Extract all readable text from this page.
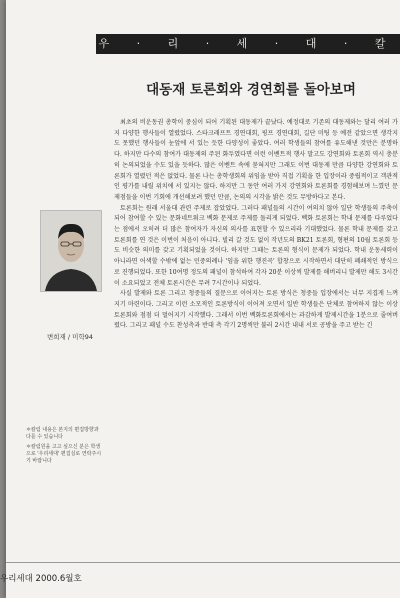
우 · 리 · 세 · 대 · 칼 · 럼
대동재 토론회와 경연회를 돌아보며
변희재 / 미학94
＊칼럼 내용은 본지의 편집방향과 다를 수 있습니다
＊칼럼원을 고고 싶으신 분은 학생으로 '우리세대' 편집실로 연락주시기 바랍니다

최초의 비운동권 총학이 중심이 되어 기획된 대동제가 끝났다. 예정대로 기존의 대동제와는 달리 여러 가지 다양한 행사들이 열렸었다. 스타크래프트 경연대회, 핑프 경연대회, 길단 미팅 등 예전 같았으면 생각지도 못했던 행사들이 눈앞에 서 있는 듯한 다양성이 좋았다. 여러 학생들의 참여를 유도해낸 것만은 분명하다. 하지만 다수의 참여가 대동제의 주된 화두였다면 이런 이벤트적 행사 말고도 강연회와 토론회 역시 충분히 논의되었을 수도 있을 듯하다. 많은 이벤트 속에 묻혀지만 그래도 이번 대동제 만큼 다양한 강연회와 토론회가 열렸던 적은 없었다. 물론 나는 총학생회의 위임을 받아 직접 기획을 한 입장이라 중립적이고 객관적인 평가를 내릴 위치에 서 있지는 않다. 하지만 그 동안 여러 가지 강연회와 토론회를 경험해보며 느꼈던 문제점들을 이번 기회에 개선해보려 했던 만큼, 논의의 시각을 밝은 것도 무방하다고 본다.

토론회는 원래 서울대 관련 주제로 잡았었다. 그러다 패널들의 시간이 여의치 않아 일단 학생들의 주축이 되어 참여할 수 있는 문화네트워크 벡화 문제로 주제를 돌리게 되었다. 벡화 토론회는 학내 문제를 다루었다는 점에서 오히려 더 많은 참여자가 자신의 의사를 표현할 수 있으리라 기대했었다. 물론 학내 문제를 갖고 토론회를 연 것은 이번이 처음이 아니다. 빌리 갈 것도 없이 작년도의 BK21 토론회, 형편의 10월 토론회 등도 비슷한 의미를 갖고 기획되었을 것이다. 하지만 그때는 토론의 형식이 문제가 되었다. 학내 운동세력이 아니라면 어색할 수밖에 없는 민중의례나 '임을 위한 행진곡' 합창으로 시작하면서 대단히 폐쇄적인 방식으로 진행되었다. 또한 10여명 정도의 패널이 참석하여 각자 20분 이상씩 발제를 해버리니 발제만 해도 3시간이 소요되었고 전체 토론시간은 무려 7시간이나 되었다.

사실 발제와 토론 그리고 청중들의 질문으로 이어지는 토론 방식은 청중들 입장에서는 너무 지겹게 느껴지기 마련이다. 그리고 이런 소모적인 토론방식이 이어져 오면서 일반 학생들은 단체로 참여하지 않는 이상 토론회와 점점 더 멀어지기 시작했다. 그래서 이번 벡화토론회에서는 과감하게 발제시간을 1분으로 줄여버렸다. 그리고 패널 수도 찬성측과 반대 측 각기 2명씩만 불러 2시간 내내 서로 공방을 주고 받는 긴

우리세대 2000.6월호
